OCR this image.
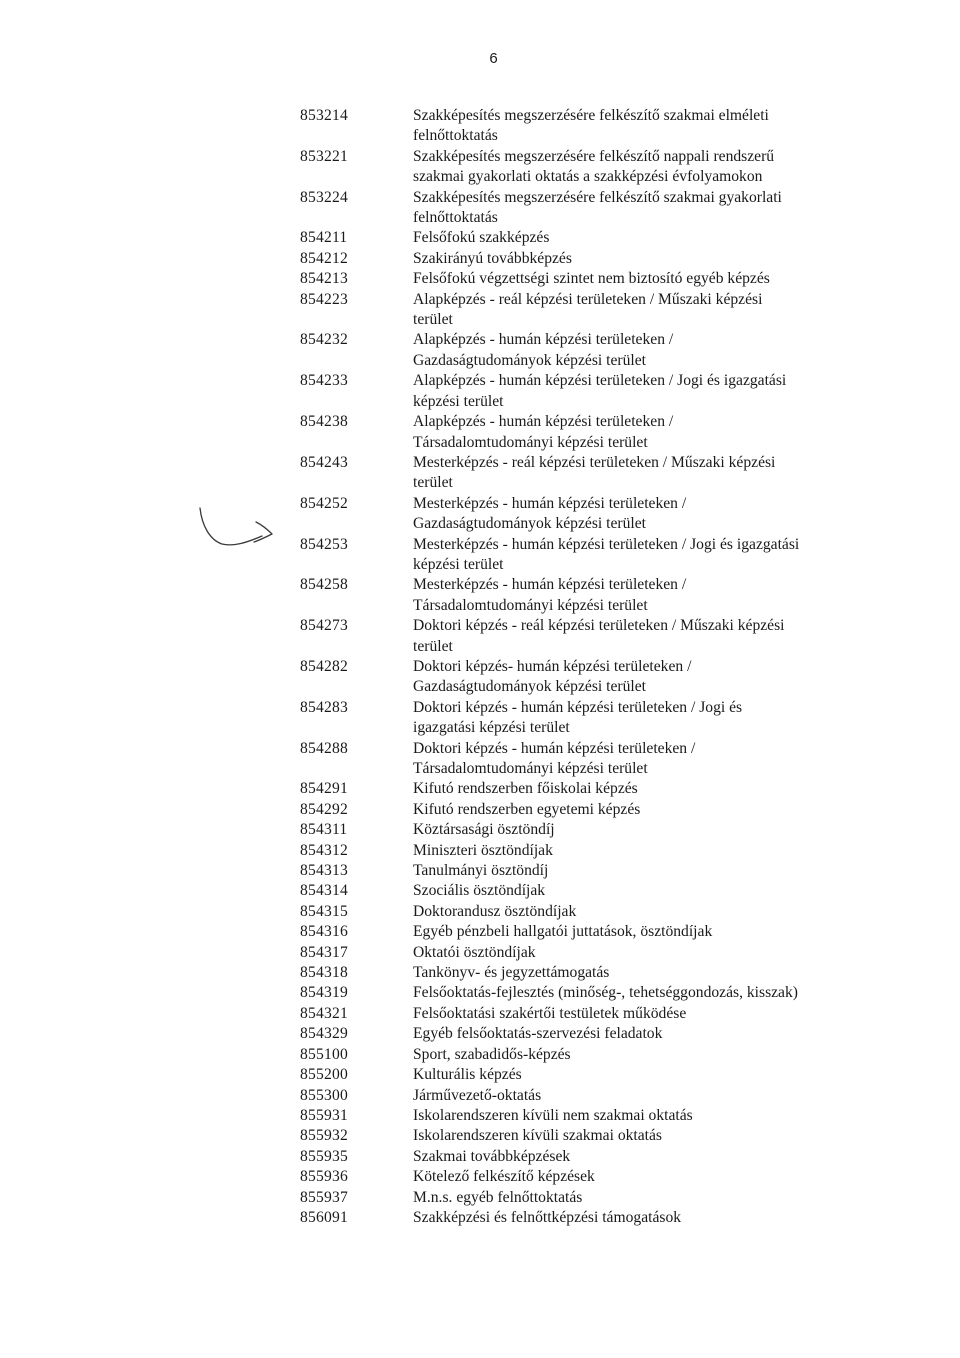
6
853214	Szakképesítés megszerzésére felkészítő szakmai elméleti
felnőttoktatás
853221	Szakképesítés megszerzésére felkészítő nappali rendszerű
szakmai gyakorlati oktatás a szakképzési évfolyamokon
853224	Szakképesítés megszerzésére felkészítő szakmai gyakorlati
felnőttoktatás
854211	Felsőfokú szakképzés
854212	Szakirányú továbbképzés
854213	Felsőfokú végzettségi szintet nem biztosító egyéb képzés
854223	Alapképzés - reál képzési területeken / Műszaki képzési
terület
854232	Alapképzés - humán képzési területeken /
Gazdaságtudományok képzési terület
854233	Alapképzés - humán képzési területeken / Jogi és igazgatási
képzési terület
854238	Alapképzés - humán képzési területeken /
Társadalomtudományi képzési terület
854243	Mesterképzés - reál képzési területeken / Műszaki képzési
terület
854252	Mesterképzés - humán képzési területeken /
Gazdaságtudományok képzési terület
854253	Mesterképzés - humán képzési területeken / Jogi és igazgatási
képzési terület
854258	Mesterképzés - humán képzési területeken /
Társadalomtudományi képzési terület
854273	Doktori képzés - reál képzési területeken / Műszaki képzési
terület
854282	Doktori képzés- humán képzési területeken /
Gazdaságtudományok képzési terület
854283	Doktori képzés - humán képzési területeken / Jogi és
igazgatási képzési terület
854288	Doktori képzés - humán képzési területeken /
Társadalomtudományi képzési terület
854291	Kifutó rendszerben főiskolai képzés
854292	Kifutó rendszerben egyetemi képzés
854311	Köztársasági ösztöndíj
854312	Miniszteri ösztöndíjak
854313	Tanulmányi ösztöndíj
854314	Szociális ösztöndíjak
854315	Doktorandusz ösztöndíjak
854316	Egyéb pénzbeli hallgatói juttatások, ösztöndíjak
854317	Oktatói ösztöndíjak
854318	Tankönyv- és jegyzettámogatás
854319	Felsőoktatás-fejlesztés (minőség-, tehetséggondozás, kisszak)
854321	Felsőoktatási szakértői testületek működése
854329	Egyéb felsőoktatás-szervezési feladatok
855100	Sport, szabadidős-képzés
855200	Kulturális képzés
855300	Járművezető-oktatás
855931	Iskolarendszeren kívüli nem szakmai oktatás
855932	Iskolarendszeren kívüli szakmai oktatás
855935	Szakmai továbbképzések
855936	Kötelező felkészítő képzések
855937	M.n.s. egyéb felnőttoktatás
856091	Szakképzési és felnőttképzési támogatások
